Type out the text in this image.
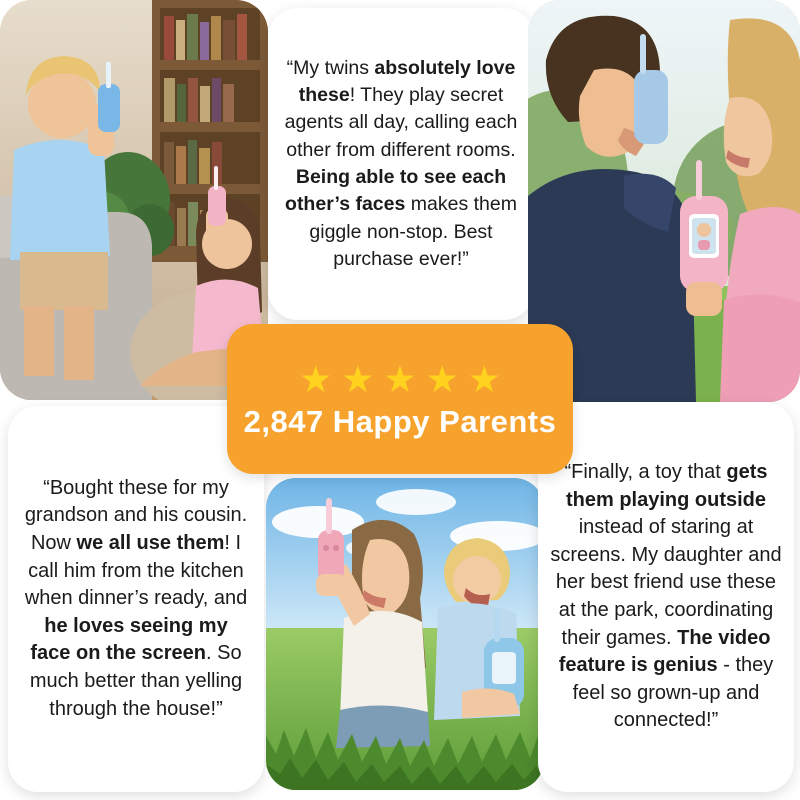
“My twins absolutely love these! They play secret agents all day, calling each other from different rooms. Being able to see each other’s faces makes them giggle non-stop. Best purchase ever!”

★★★★★
2,847 Happy Parents

“Bought these for my grandson and his cousin. Now we all use them! I call him from the kitchen when dinner’s ready, and he loves seeing my face on the screen. So much better than yelling through the house!”

“Finally, a toy that gets them playing outside instead of staring at screens. My daughter and her best friend use these at the park, coordinating their games. The video feature is genius - they feel so grown-up and connected!”
